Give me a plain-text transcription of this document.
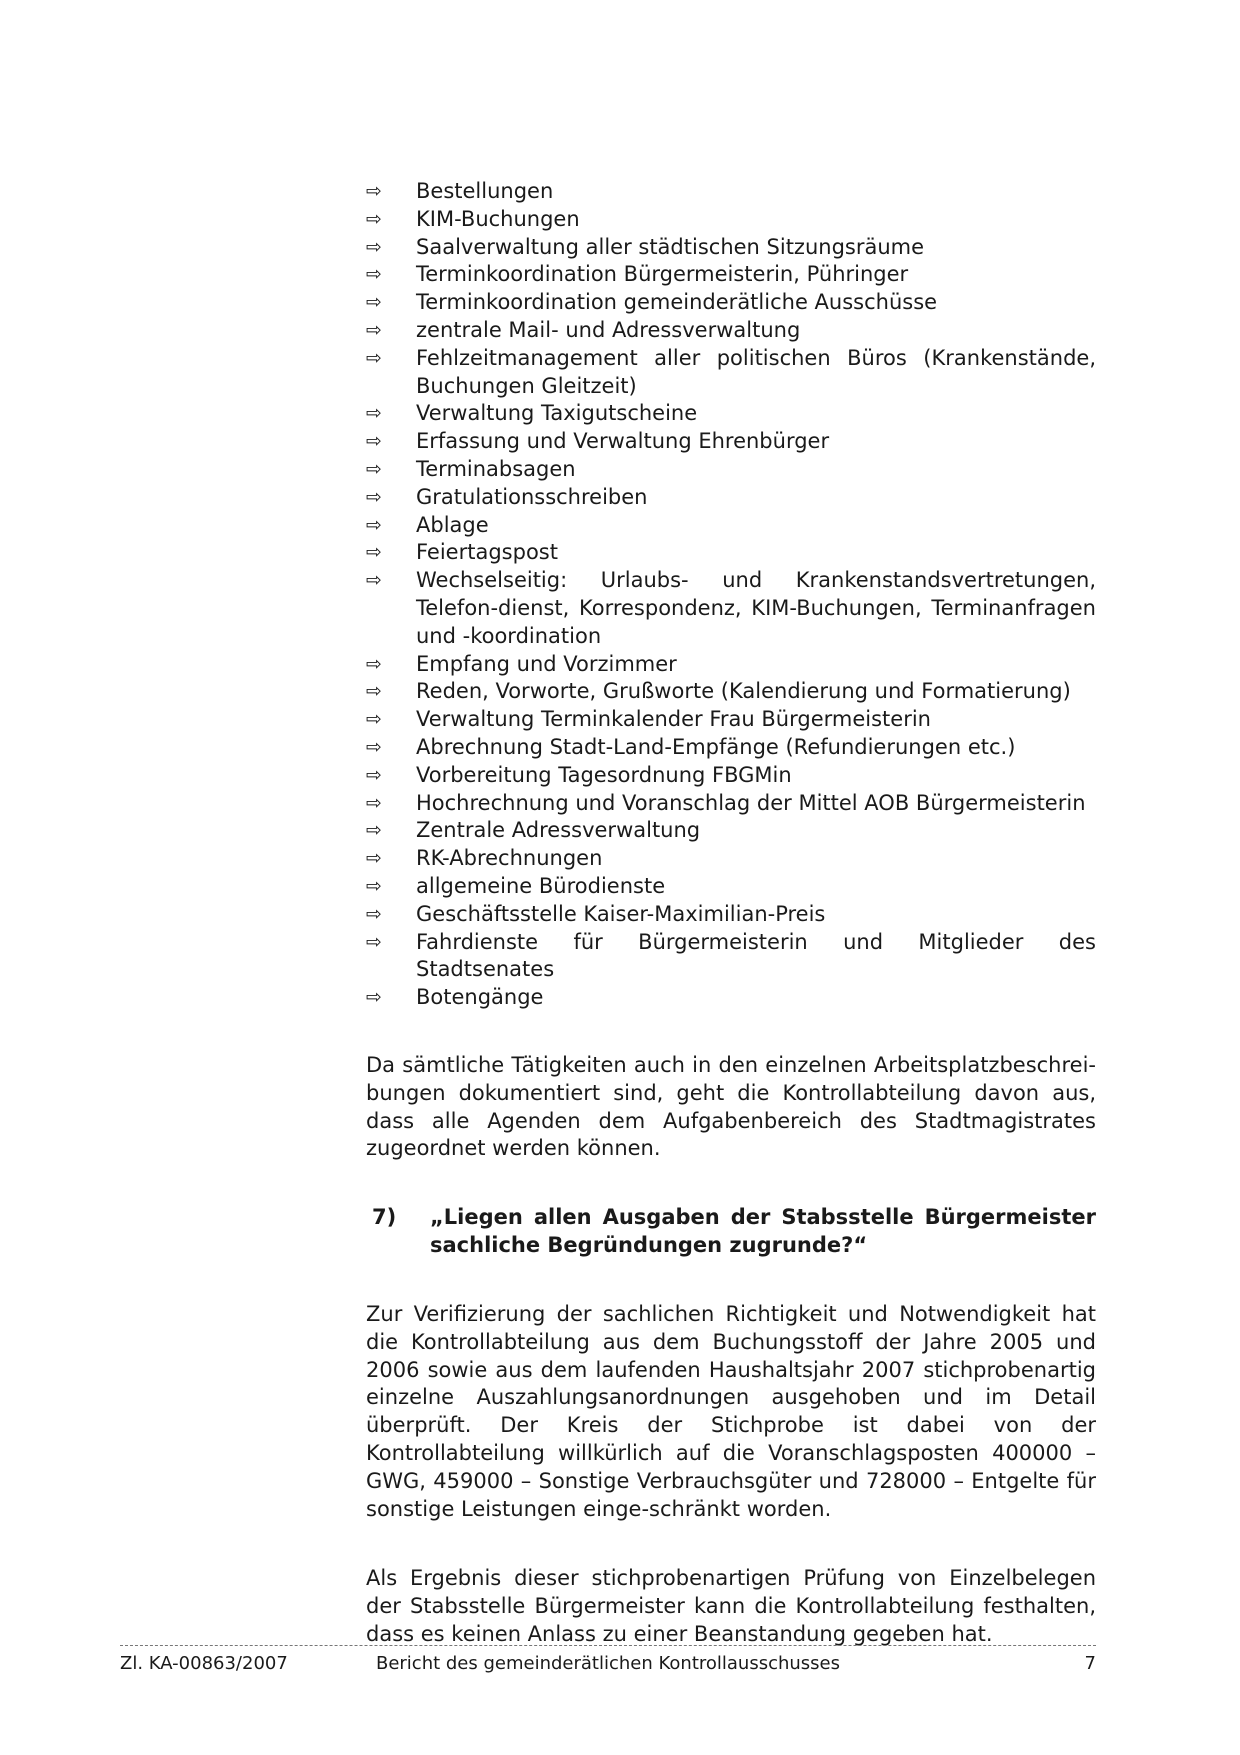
⇨	Bestellungen
⇨	KIM-Buchungen
⇨	Saalverwaltung aller städtischen Sitzungsräume
⇨	Terminkoordination Bürgermeisterin, Pühringer
⇨	Terminkoordination gemeinderätliche Ausschüsse
⇨	zentrale Mail- und Adressverwaltung
⇨	Fehlzeitmanagement aller politischen Büros (Krankenstände, Buchungen Gleitzeit)
⇨	Verwaltung Taxigutscheine
⇨	Erfassung und Verwaltung Ehrenbürger
⇨	Terminabsagen
⇨	Gratulationsschreiben
⇨	Ablage
⇨	Feiertagspost
⇨	Wechselseitig: Urlaubs- und Krankenstandsvertretungen, Telefon-dienst, Korrespondenz, KIM-Buchungen, Terminanfragen und -koordination
⇨	Empfang und Vorzimmer
⇨	Reden, Vorworte, Grußworte (Kalendierung und Formatierung)
⇨	Verwaltung Terminkalender Frau Bürgermeisterin
⇨	Abrechnung Stadt-Land-Empfänge (Refundierungen etc.)
⇨	Vorbereitung Tagesordnung FBGMin
⇨	Hochrechnung und Voranschlag der Mittel AOB Bürgermeisterin
⇨	Zentrale Adressverwaltung
⇨	RK-Abrechnungen
⇨	allgemeine Bürodienste
⇨	Geschäftsstelle Kaiser-Maximilian-Preis
⇨	Fahrdienste für Bürgermeisterin und Mitglieder des Stadtsenates
⇨	Botengänge

Da sämtliche Tätigkeiten auch in den einzelnen Arbeitsplatzbeschrei-bungen dokumentiert sind, geht die Kontrollabteilung davon aus, dass alle Agenden dem Aufgabenbereich des Stadtmagistrates zugeordnet werden können.

7)	„Liegen allen Ausgaben der Stabsstelle Bürgermeister sachliche Begründungen zugrunde?“

Zur Verifizierung der sachlichen Richtigkeit und Notwendigkeit hat die Kontrollabteilung aus dem Buchungsstoff der Jahre 2005 und 2006 sowie aus dem laufenden Haushaltsjahr 2007 stichprobenartig einzelne Auszahlungsanordnungen ausgehoben und im Detail überprüft. Der Kreis der Stichprobe ist dabei von der Kontrollabteilung willkürlich auf die Voranschlagsposten 400000 – GWG, 459000 – Sonstige Verbrauchsgüter und 728000 – Entgelte für sonstige Leistungen einge-schränkt worden.

Als Ergebnis dieser stichprobenartigen Prüfung von Einzelbelegen der Stabsstelle Bürgermeister kann die Kontrollabteilung festhalten, dass es keinen Anlass zu einer Beanstandung gegeben hat.

Zl. KA-00863/2007	Bericht des gemeinderätlichen Kontrollausschusses	7
